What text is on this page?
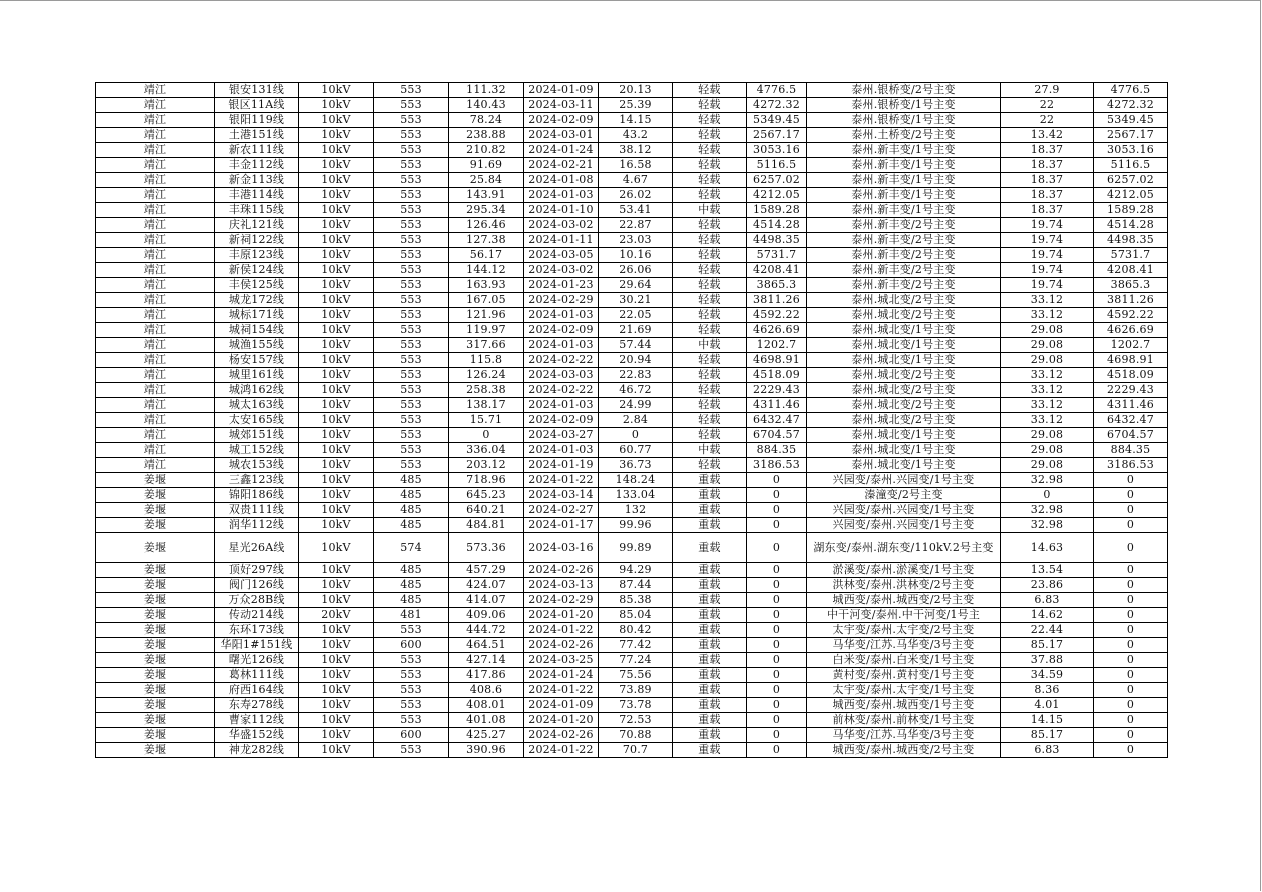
靖江	银安131线	10kV	553	111.32	2024-01-09	20.13	轻载	4776.5	泰州.银桥变/2号主变	27.9	4776.5
靖江	银区11A线	10kV	553	140.43	2024-03-11	25.39	轻载	4272.32	泰州.银桥变/1号主变	22	4272.32
靖江	银阳119线	10kV	553	78.24	2024-02-09	14.15	轻载	5349.45	泰州.银桥变/1号主变	22	5349.45
靖江	土港151线	10kV	553	238.88	2024-03-01	43.2	轻载	2567.17	泰州.土桥变/2号主变	13.42	2567.17
靖江	新农111线	10kV	553	210.82	2024-01-24	38.12	轻载	3053.16	泰州.新丰变/1号主变	18.37	3053.16
靖江	丰金112线	10kV	553	91.69	2024-02-21	16.58	轻载	5116.5	泰州.新丰变/1号主变	18.37	5116.5
靖江	新金113线	10kV	553	25.84	2024-01-08	4.67	轻载	6257.02	泰州.新丰变/1号主变	18.37	6257.02
靖江	丰港114线	10kV	553	143.91	2024-01-03	26.02	轻载	4212.05	泰州.新丰变/1号主变	18.37	4212.05
靖江	丰珠115线	10kV	553	295.34	2024-01-10	53.41	中载	1589.28	泰州.新丰变/1号主变	18.37	1589.28
靖江	庆礼121线	10kV	553	126.46	2024-03-02	22.87	轻载	4514.28	泰州.新丰变/2号主变	19.74	4514.28
靖江	新祠122线	10kV	553	127.38	2024-01-11	23.03	轻载	4498.35	泰州.新丰变/2号主变	19.74	4498.35
靖江	丰原123线	10kV	553	56.17	2024-03-05	10.16	轻载	5731.7	泰州.新丰变/2号主变	19.74	5731.7
靖江	新侯124线	10kV	553	144.12	2024-03-02	26.06	轻载	4208.41	泰州.新丰变/2号主变	19.74	4208.41
靖江	丰侯125线	10kV	553	163.93	2024-01-23	29.64	轻载	3865.3	泰州.新丰变/2号主变	19.74	3865.3
靖江	城龙172线	10kV	553	167.05	2024-02-29	30.21	轻载	3811.26	泰州.城北变/2号主变	33.12	3811.26
靖江	城标171线	10kV	553	121.96	2024-01-03	22.05	轻载	4592.22	泰州.城北变/2号主变	33.12	4592.22
靖江	城祠154线	10kV	553	119.97	2024-02-09	21.69	轻载	4626.69	泰州.城北变/1号主变	29.08	4626.69
靖江	城渔155线	10kV	553	317.66	2024-01-03	57.44	中载	1202.7	泰州.城北变/1号主变	29.08	1202.7
靖江	杨安157线	10kV	553	115.8	2024-02-22	20.94	轻载	4698.91	泰州.城北变/1号主变	29.08	4698.91
靖江	城里161线	10kV	553	126.24	2024-03-03	22.83	轻载	4518.09	泰州.城北变/2号主变	33.12	4518.09
靖江	城鸿162线	10kV	553	258.38	2024-02-22	46.72	轻载	2229.43	泰州.城北变/2号主变	33.12	2229.43
靖江	城太163线	10kV	553	138.17	2024-01-03	24.99	轻载	4311.46	泰州.城北变/2号主变	33.12	4311.46
靖江	太安165线	10kV	553	15.71	2024-02-09	2.84	轻载	6432.47	泰州.城北变/2号主变	33.12	6432.47
靖江	城郊151线	10kV	553	0	2024-03-27	0	轻载	6704.57	泰州.城北变/1号主变	29.08	6704.57
靖江	城工152线	10kV	553	336.04	2024-01-03	60.77	中载	884.35	泰州.城北变/1号主变	29.08	884.35
靖江	城农153线	10kV	553	203.12	2024-01-19	36.73	轻载	3186.53	泰州.城北变/1号主变	29.08	3186.53
姜堰	三鑫123线	10kV	485	718.96	2024-01-22	148.24	重载	0	兴园变/泰州.兴园变/1号主变	32.98	0
姜堰	锦阳186线	10kV	485	645.23	2024-03-14	133.04	重载	0	溱潼变/2号主变	0	0
姜堰	双贵111线	10kV	485	640.21	2024-02-27	132	重载	0	兴园变/泰州.兴园变/1号主变	32.98	0
姜堰	润华112线	10kV	485	484.81	2024-01-17	99.96	重载	0	兴园变/泰州.兴园变/1号主变	32.98	0
姜堰	星光26A线	10kV	574	573.36	2024-03-16	99.89	重载	0	湖东变/泰州.湖东变/110kV.2号主变	14.63	0
姜堰	顶好297线	10kV	485	457.29	2024-02-26	94.29	重载	0	淤溪变/泰州.淤溪变/1号主变	13.54	0
姜堰	阀门126线	10kV	485	424.07	2024-03-13	87.44	重载	0	洪林变/泰州.洪林变/2号主变	23.86	0
姜堰	万众28B线	10kV	485	414.07	2024-02-29	85.38	重载	0	城西变/泰州.城西变/2号主变	6.83	0
姜堰	传动214线	20kV	481	409.06	2024-01-20	85.04	重载	0	中干河变/泰州.中干河变/1号主	14.62	0
姜堰	东环173线	10kV	553	444.72	2024-01-22	80.42	重载	0	太宇变/泰州.太宇变/2号主变	22.44	0
姜堰	华阳1#151线	10kV	600	464.51	2024-02-26	77.42	重载	0	马华变/江苏.马华变/3号主变	85.17	0
姜堰	曙光126线	10kV	553	427.14	2024-03-25	77.24	重载	0	白米变/泰州.白米变/1号主变	37.88	0
姜堰	葛林111线	10kV	553	417.86	2024-01-24	75.56	重载	0	黄村变/泰州.黄村变/1号主变	34.59	0
姜堰	府西164线	10kV	553	408.6	2024-01-22	73.89	重载	0	太宇变/泰州.太宇变/1号主变	8.36	0
姜堰	东寿278线	10kV	553	408.01	2024-01-09	73.78	重载	0	城西变/泰州.城西变/1号主变	4.01	0
姜堰	曹家112线	10kV	553	401.08	2024-01-20	72.53	重载	0	前林变/泰州.前林变/1号主变	14.15	0
姜堰	华盛152线	10kV	600	425.27	2024-02-26	70.88	重载	0	马华变/江苏.马华变/3号主变	85.17	0
姜堰	神龙282线	10kV	553	390.96	2024-01-22	70.7	重载	0	城西变/泰州.城西变/2号主变	6.83	0
